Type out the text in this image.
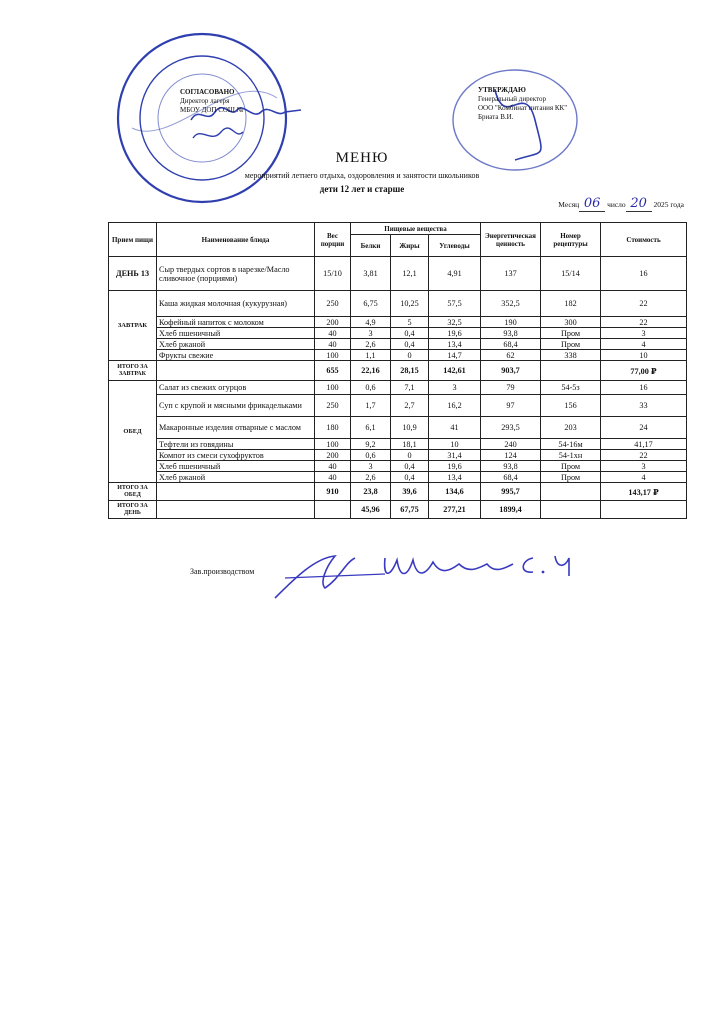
СОГЛАСОВАНО
Директор лагеря
МБОУ ДОП СОШ №
УТВЕРЖДАЮ
Генеральный директор
ООО "Комбинат питания КК"
Бриата В.И.
МЕНЮ
мероприятий летнего отдыха, оздоровления и занятости школьников
дети 12 лет и старше
Месяц 06 число 20 2025 года
Прием пищи	Наименование блюда	Вес порции	Пищевые вещества			Энергетическая ценность	Номер рецептуры	Стоимость
			Белки	Жиры	Углеводы			
ДЕНЬ 13	Сыр твердых сортов в нарезке/Масло сливочное (порциями)	15/10	3,81	12,1	4,91	137	15/14	16
ЗАВТРАК	Каша жидкая молочная (кукурузная)	250	6,75	10,25	57,5	352,5	182	22
	Кофейный напиток с молоком	200	4,9	5	32,5	190	300	22
	Хлеб пшеничный	40	3	0,4	19,6	93,8	Пром	3
	Хлеб ржаной	40	2,6	0,4	13,4	68,4	Пром	4
	Фрукты свежие	100	1,1	0	14,7	62	338	10
ИТОГО ЗА ЗАВТРАК		655	22,16	28,15	142,61	903,7		77,00 ₽
ОБЕД	Салат из свежих огурцов	100	0,6	7,1	3	79	54-5з	16
	Суп с крупой и мясными фрикадельками	250	1,7	2,7	16,2	97	156	33
	Макаронные изделия отварные с маслом	180	6,1	10,9	41	293,5	203	24
	Тефтели из говядины	100	9,2	18,1	10	240	54-16м	41,17
	Компот из смеси сухофруктов	200	0,6	0	31,4	124	54-1хн	22
	Хлеб пшеничный	40	3	0,4	19,6	93,8	Пром	3
	Хлеб ржаной	40	2,6	0,4	13,4	68,4	Пром	4
ИТОГО ЗА ОБЕД		910	23,8	39,6	134,6	995,7		143,17 ₽
ИТОГО ЗА ДЕНЬ			45,96	67,75	277,21	1899,4		
Зав.производством
